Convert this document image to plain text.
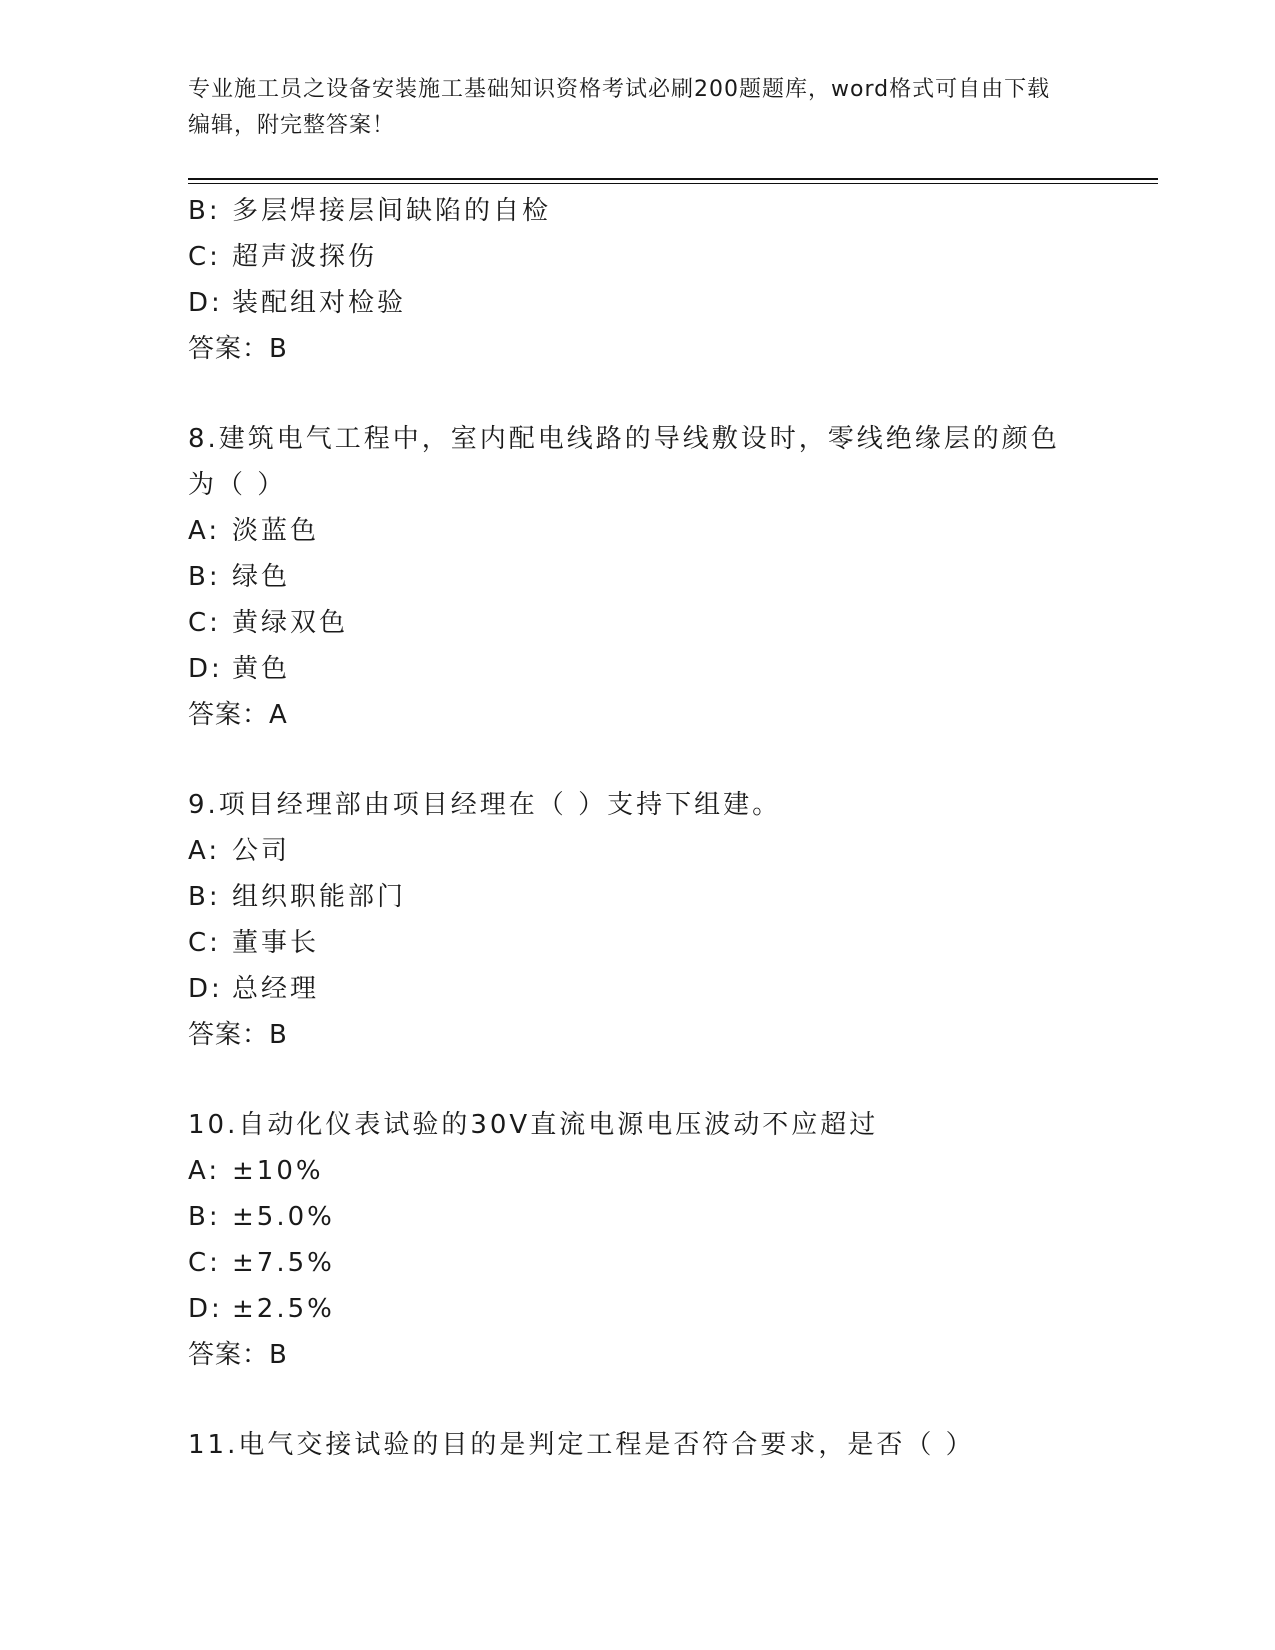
专业施工员之设备安装施工基础知识资格考试必刷200题题库，word格式可自由下载编辑，附完整答案！
B: 多层焊接层间缺陷的自检
C: 超声波探伤
D: 装配组对检验
答案：B
8.建筑电气工程中，室内配电线路的导线敷设时，零线绝缘层的颜色为（ ）
A: 淡蓝色
B: 绿色
C: 黄绿双色
D: 黄色
答案：A
9.项目经理部由项目经理在（ ）支持下组建。
A: 公司
B: 组织职能部门
C: 董事长
D: 总经理
答案：B
10.自动化仪表试验的30V直流电源电压波动不应超过
A: ±10%
B: ±5.0%
C: ±7.5%
D: ±2.5%
答案：B
11.电气交接试验的目的是判定工程是否符合要求，是否（ ）
